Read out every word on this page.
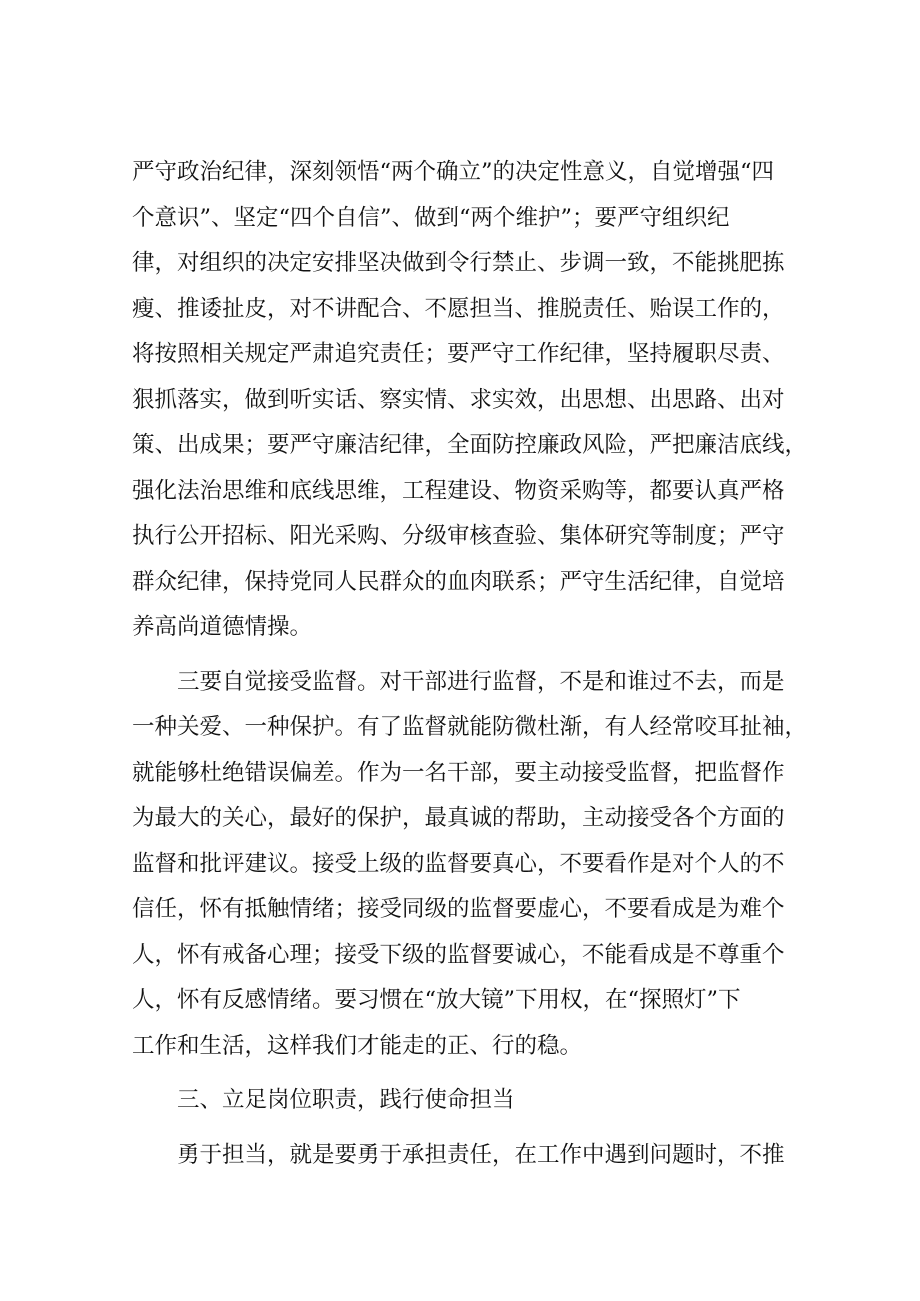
严守政治纪律，深刻领悟“两个确立”的决定性意义，自觉增强“四
个意识”、坚定“四个自信”、做到“两个维护”；要严守组织纪
律，对组织的决定安排坚决做到令行禁止、步调一致，不能挑肥拣
瘦、推诿扯皮，对不讲配合、不愿担当、推脱责任、贻误工作的，
将按照相关规定严肃追究责任；要严守工作纪律，坚持履职尽责、
狠抓落实，做到听实话、察实情、求实效，出思想、出思路、出对
策、出成果；要严守廉洁纪律，全面防控廉政风险，严把廉洁底线，
强化法治思维和底线思维，工程建设、物资采购等，都要认真严格
执行公开招标、阳光采购、分级审核查验、集体研究等制度；严守
群众纪律，保持党同人民群众的血肉联系；严守生活纪律，自觉培
养高尚道德情操。
三要自觉接受监督。对干部进行监督，不是和谁过不去，而是
一种关爱、一种保护。有了监督就能防微杜渐，有人经常咬耳扯袖，
就能够杜绝错误偏差。作为一名干部，要主动接受监督，把监督作
为最大的关心，最好的保护，最真诚的帮助，主动接受各个方面的
监督和批评建议。接受上级的监督要真心，不要看作是对个人的不
信任，怀有抵触情绪；接受同级的监督要虚心，不要看成是为难个
人，怀有戒备心理；接受下级的监督要诚心，不能看成是不尊重个
人，怀有反感情绪。要习惯在“放大镜”下用权，在“探照灯”下
工作和生活，这样我们才能走的正、行的稳。
三、立足岗位职责，践行使命担当
勇于担当，就是要勇于承担责任，在工作中遇到问题时，不推
